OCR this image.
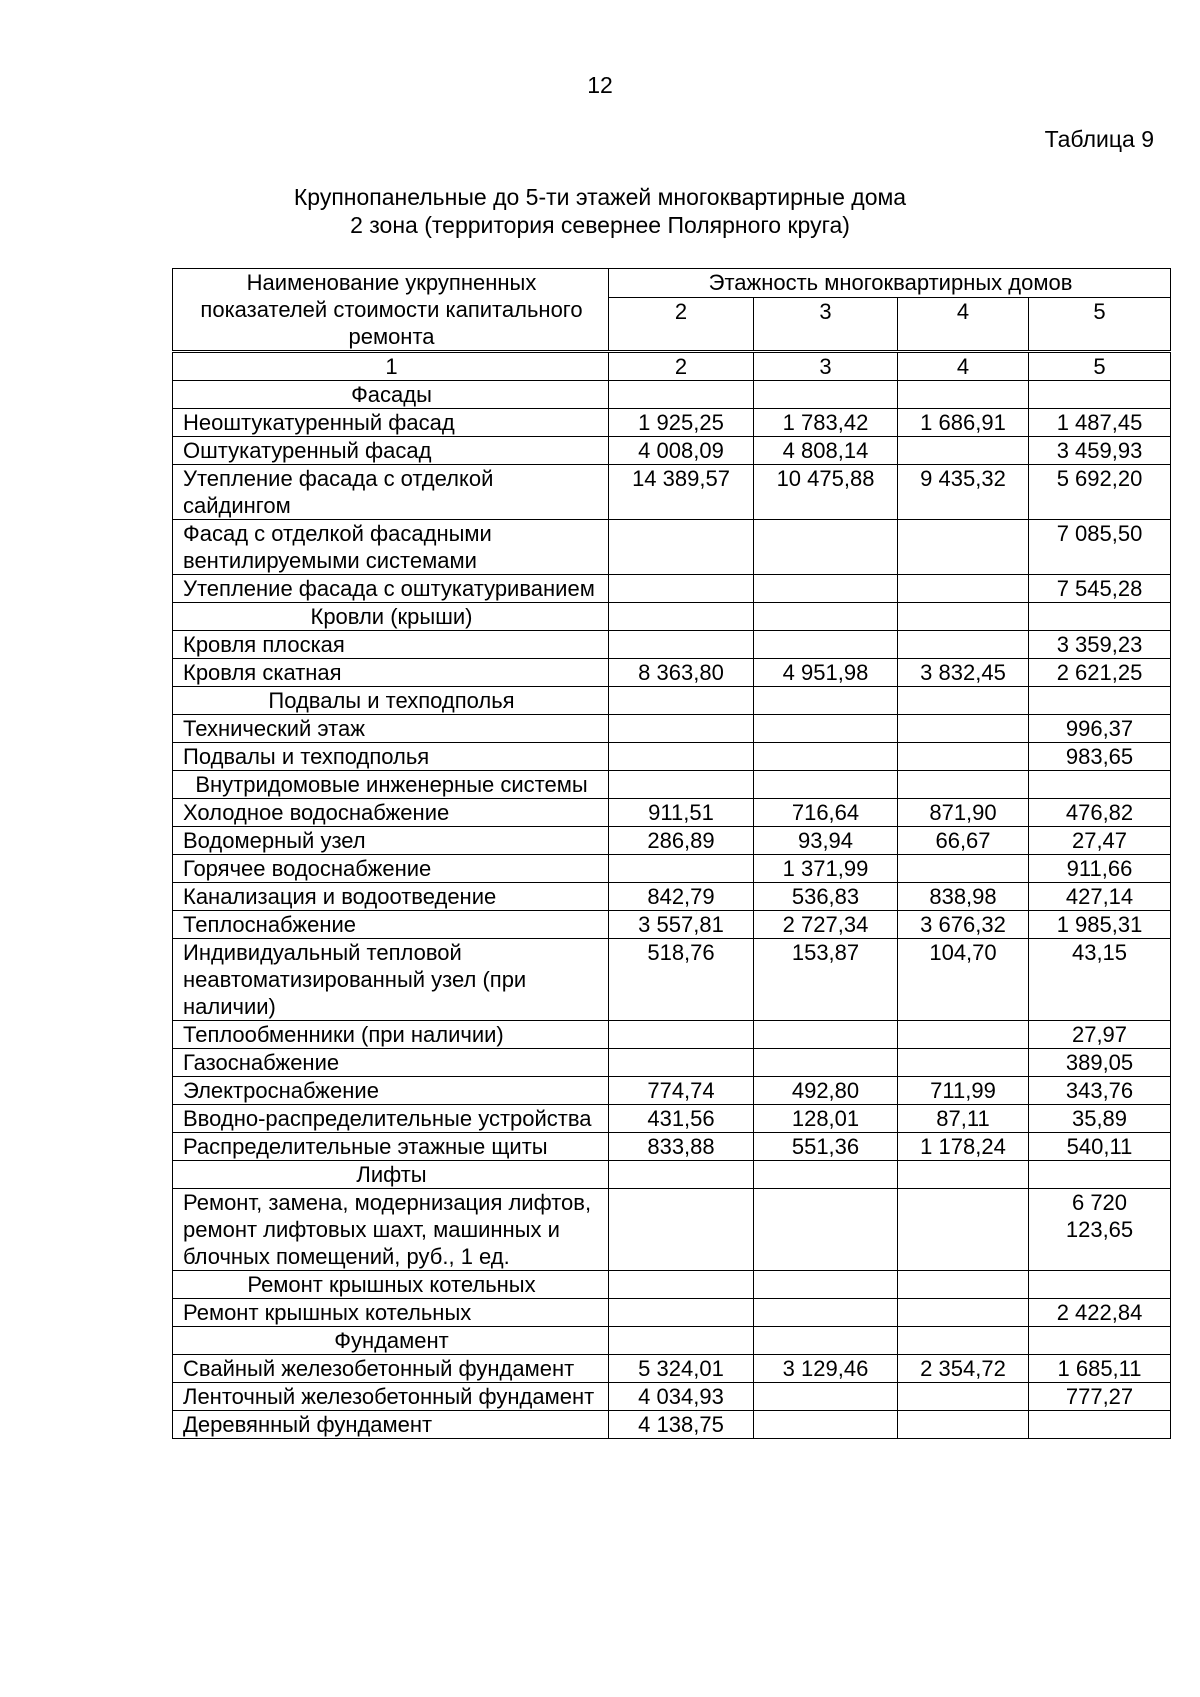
12
Таблица 9
Крупнопанельные до 5-ти этажей многоквартирные дома
2 зона (территория севернее Полярного круга)
Наименование укрупненных показателей стоимости капитального ремонта	Этажность многоквартирных домов			
	2	3	4	5
1	2	3	4	5
Фасады				
Неоштукатуренный фасад	1 925,25	1 783,42	1 686,91	1 487,45
Оштукатуренный фасад	4 008,09	4 808,14		3 459,93
Утепление фасада с отделкой сайдингом	14 389,57	10 475,88	9 435,32	5 692,20
Фасад с отделкой фасадными вентилируемыми системами				7 085,50
Утепление фасада с оштукатуриванием				7 545,28
Кровли (крыши)				
Кровля плоская				3 359,23
Кровля скатная	8 363,80	4 951,98	3 832,45	2 621,25
Подвалы и техподполья				
Технический этаж				996,37
Подвалы и техподполья				983,65
Внутридомовые инженерные системы				
Холодное водоснабжение	911,51	716,64	871,90	476,82
Водомерный узел	286,89	93,94	66,67	27,47
Горячее водоснабжение		1 371,99		911,66
Канализация и водоотведение	842,79	536,83	838,98	427,14
Теплоснабжение	3 557,81	2 727,34	3 676,32	1 985,31
Индивидуальный тепловой неавтоматизированный узел (при наличии)	518,76	153,87	104,70	43,15
Теплообменники (при наличии)				27,97
Газоснабжение				389,05
Электроснабжение	774,74	492,80	711,99	343,76
Вводно-распределительные устройства	431,56	128,01	87,11	35,89
Распределительные этажные щиты	833,88	551,36	1 178,24	540,11
Лифты				
Ремонт, замена, модернизация лифтов, ремонт лифтовых шахт, машинных и блочных помещений, руб., 1 ед.				6 720 123,65
Ремонт крышных котельных				
Ремонт крышных котельных				2 422,84
Фундамент				
Свайный железобетонный фундамент	5 324,01	3 129,46	2 354,72	1 685,11
Ленточный железобетонный фундамент	4 034,93			777,27
Деревянный фундамент	4 138,75			
